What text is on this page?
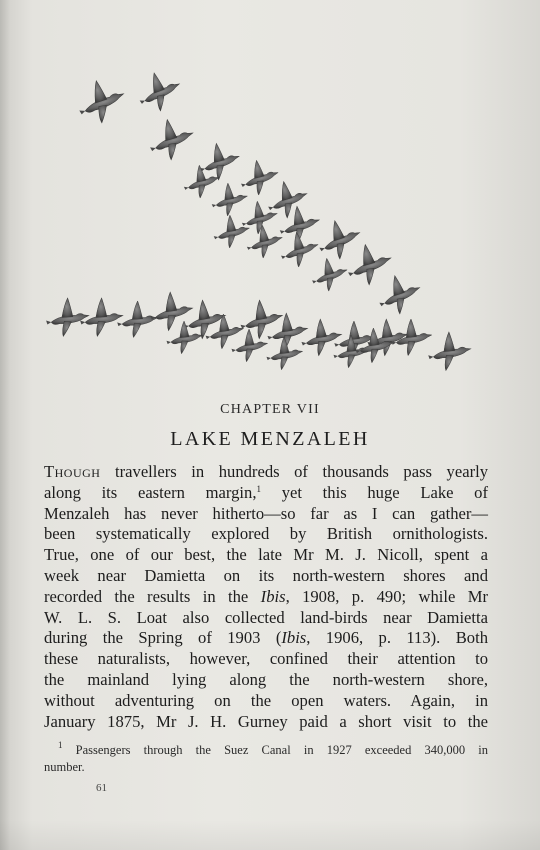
CHAPTER VII
LAKE MENZALEH

Though travellers in hundreds of thousands pass yearly
along its eastern margin,$^1$ yet this huge Lake of
Menzaleh has never hitherto—so far as I can gather—
been systematically explored by British ornithologists.
True, one of our best, the late Mr M. J. Nicoll, spent a
week near Damietta on its north-western shores and
recorded the results in the Ibis, 1908, p. 490; while Mr
W. L. S. Loat also collected land-birds near Damietta
during the Spring of 1903 (Ibis, 1906, p. 113). Both
these naturalists, however, confined their attention to
the mainland lying along the north-western shore,
without adventuring on the open waters. Again, in
January 1875, Mr J. H. Gurney paid a short visit to the

$^1$ Passengers through the Suez Canal in 1927 exceeded 340,000 in
number.
61
